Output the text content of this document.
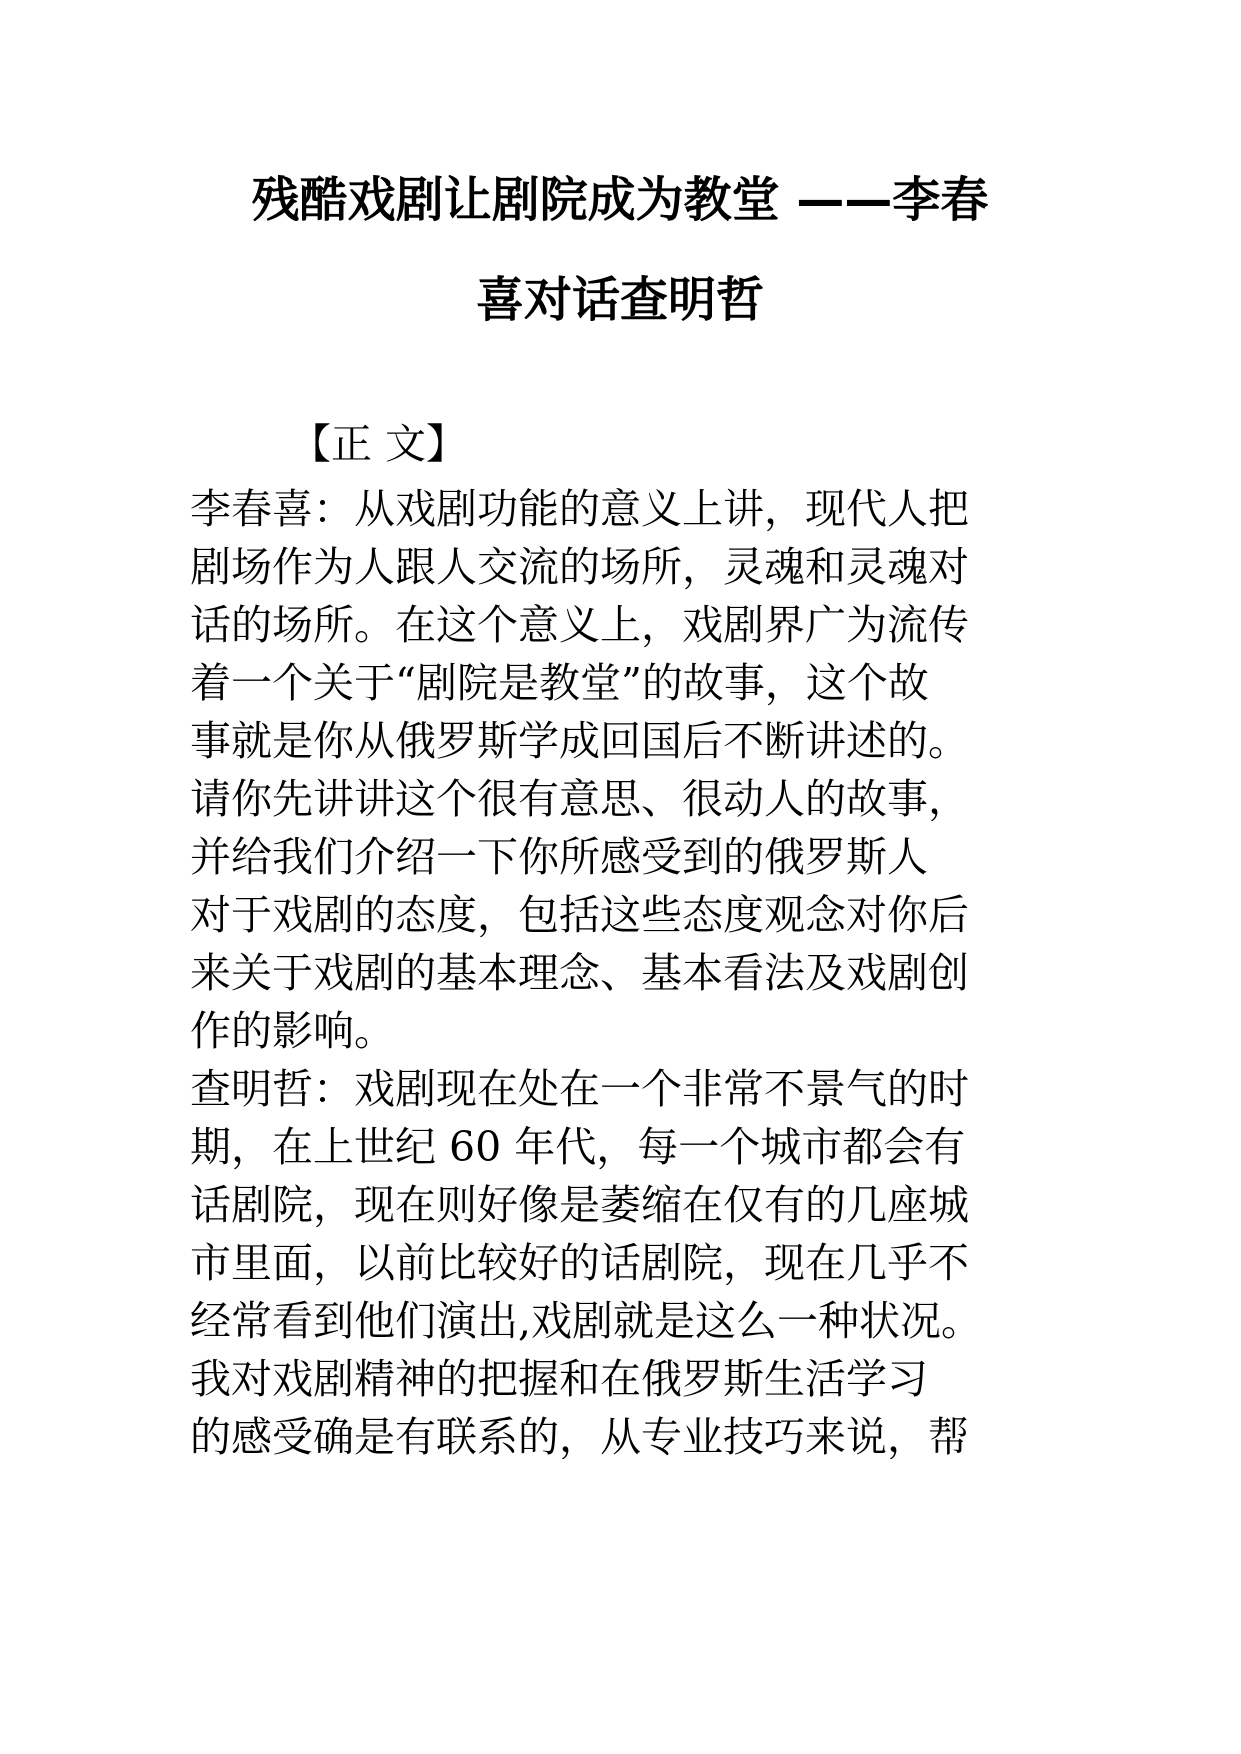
残酷戏剧让剧院成为教堂 ——李春
喜对话查明哲
【正 文】
李春喜：从戏剧功能的意义上讲，现代人把
剧场作为人跟人交流的场所，灵魂和灵魂对
话的场所。在这个意义上，戏剧界广为流传
着一个关于“剧院是教堂”的故事，这个故
事就是你从俄罗斯学成回国后不断讲述的。
请你先讲讲这个很有意思、很动人的故事，
并给我们介绍一下你所感受到的俄罗斯人
对于戏剧的态度，包括这些态度观念对你后
来关于戏剧的基本理念、基本看法及戏剧创
作的影响。
查明哲：戏剧现在处在一个非常不景气的时
期，在上世纪 60 年代，每一个城市都会有
话剧院，现在则好像是萎缩在仅有的几座城
市里面，以前比较好的话剧院，现在几乎不
经常看到他们演出,戏剧就是这么一种状况。
我对戏剧精神的把握和在俄罗斯生活学习
的感受确是有联系的，从专业技巧来说，帮
